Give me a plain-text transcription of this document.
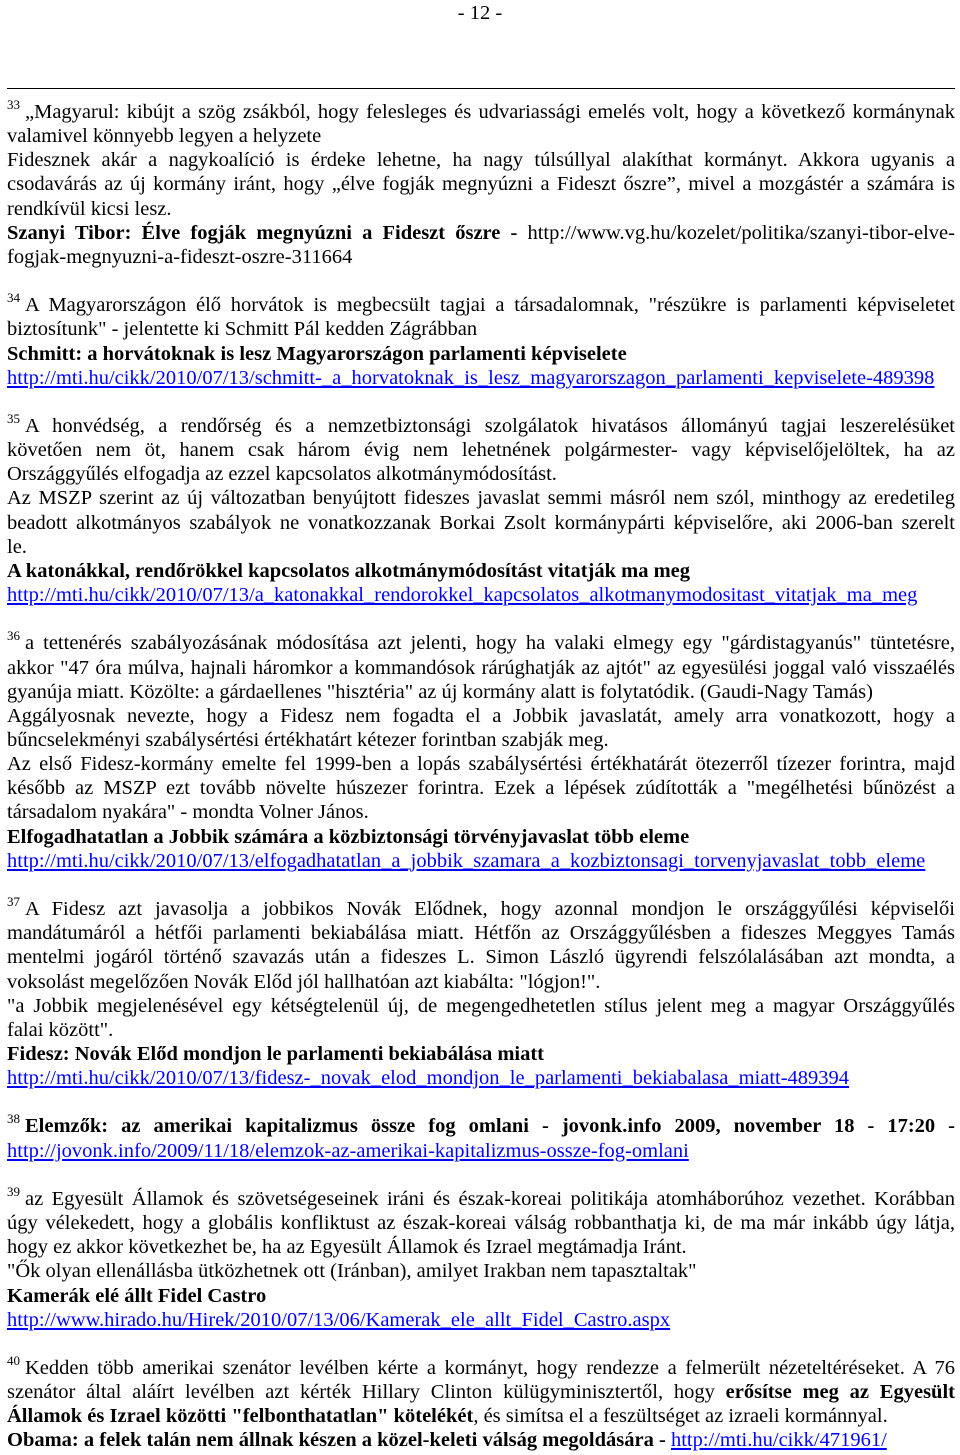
- 12 -
$^{33}$ „Magyarul: kibújt a szög zsákból, hogy felesleges és udvariassági emelés volt, hogy a következő kormánynak
valamivel könnyebb legyen a helyzete
Fidesznek akár a nagykoalíció is érdeke lehetne, ha nagy túlsúllyal alakíthat kormányt. Akkora ugyanis a
csodavárás az új kormány iránt, hogy „élve fogják megnyúzni a Fideszt őszre”, mivel a mozgástér a számára is
rendkívül kicsi lesz.
Szanyi Tibor: Élve fogják megnyúzni a Fideszt őszre - http://www.vg.hu/kozelet/politika/szanyi-tibor-elve-
fogjak-megnyuzni-a-fideszt-oszre-311664
$^{34}$ A Magyarországon élő horvátok is megbecsült tagjai a társadalomnak, "részükre is parlamenti képviseletet
biztosítunk" - jelentette ki Schmitt Pál kedden Zágrábban
Schmitt: a horvátoknak is lesz Magyarországon parlamenti képviselete
http://mti.hu/cikk/2010/07/13/schmitt-_a_horvatoknak_is_lesz_magyarorszagon_parlamenti_kepviselete-489398
$^{35}$ A honvédség, a rendőrség és a nemzetbiztonsági szolgálatok hivatásos állományú tagjai leszerelésüket
követően nem öt, hanem csak három évig nem lehetnének polgármester- vagy képviselőjelöltek, ha az
Országgyűlés elfogadja az ezzel kapcsolatos alkotmánymódosítást.
Az MSZP szerint az új változatban benyújtott fideszes javaslat semmi másról nem szól, minthogy az eredetileg
beadott alkotmányos szabályok ne vonatkozzanak Borkai Zsolt kormánypárti képviselőre, aki 2006-ban szerelt
le.
A katonákkal, rendőrökkel kapcsolatos alkotmánymódosítást vitatják ma meg
http://mti.hu/cikk/2010/07/13/a_katonakkal_rendorokkel_kapcsolatos_alkotmanymodositast_vitatjak_ma_meg
$^{36}$ a tettenérés szabályozásának módosítása azt jelenti, hogy ha valaki elmegy egy "gárdistagyanús" tüntetésre,
akkor "47 óra múlva, hajnali háromkor a kommandósok rárúghatják az ajtót" az egyesülési joggal való visszaélés
gyanúja miatt. Közölte: a gárdaellenes "hisztéria" az új kormány alatt is folytatódik. (Gaudi-Nagy Tamás)
Aggályosnak nevezte, hogy a Fidesz nem fogadta el a Jobbik javaslatát, amely arra vonatkozott, hogy a
bűncselekményi szabálysértési értékhatárt kétezer forintban szabják meg.
Az első Fidesz-kormány emelte fel 1999-ben a lopás szabálysértési értékhatárát ötezerről tízezer forintra, majd
később az MSZP ezt tovább növelte húszezer forintra. Ezek a lépések zúdították a "megélhetési bűnözést a
társadalom nyakára" - mondta Volner János.
Elfogadhatatlan a Jobbik számára a közbiztonsági törvényjavaslat több eleme
http://mti.hu/cikk/2010/07/13/elfogadhatatlan_a_jobbik_szamara_a_kozbiztonsagi_torvenyjavaslat_tobb_eleme
$^{37}$ A Fidesz azt javasolja a jobbikos Novák Elődnek, hogy azonnal mondjon le országgyűlési képviselői
mandátumáról a hétfői parlamenti bekiabálása miatt. Hétfőn az Országgyűlésben a fideszes Meggyes Tamás
mentelmi jogáról történő szavazás után a fideszes L. Simon László ügyrendi felszólalásában azt mondta, a
voksolást megelőzően Novák Előd jól hallhatóan azt kiabálta: "lógjon!".
"a Jobbik megjelenésével egy kétségtelenül új, de megengedhetetlen stílus jelent meg a magyar Országgyűlés
falai között".
Fidesz: Novák Előd mondjon le parlamenti bekiabálása miatt
http://mti.hu/cikk/2010/07/13/fidesz-_novak_elod_mondjon_le_parlamenti_bekiabalasa_miatt-489394
$^{38}$ Elemzők: az amerikai kapitalizmus össze fog omlani - jovonk.info 2009, november 18 - 17:20 -
http://jovonk.info/2009/11/18/elemzok-az-amerikai-kapitalizmus-ossze-fog-omlani
$^{39}$ az Egyesült Államok és szövetségeseinek iráni és észak-koreai politikája atomháborúhoz vezethet. Korábban
úgy vélekedett, hogy a globális konfliktust az észak-koreai válság robbanthatja ki, de ma már inkább úgy látja,
hogy ez akkor következhet be, ha az Egyesült Államok és Izrael megtámadja Iránt.
"Ők olyan ellenállásba ütközhetnek ott (Iránban), amilyet Irakban nem tapasztaltak"
Kamerák elé állt Fidel Castro
http://www.hirado.hu/Hirek/2010/07/13/06/Kamerak_ele_allt_Fidel_Castro.aspx
$^{40}$ Kedden több amerikai szenátor levélben kérte a kormányt, hogy rendezze a felmerült nézeteltéréseket. A 76
szenátor által aláírt levélben azt kérték Hillary Clinton külügyminisztertől, hogy erősítse meg az Egyesült
Államok és Izrael közötti "felbonthatatlan" kötelékét, és simítsa el a feszültséget az izraeli kormánnyal.
Obama: a felek talán nem állnak készen a közel-keleti válság megoldására - http://mti.hu/cikk/471961/
